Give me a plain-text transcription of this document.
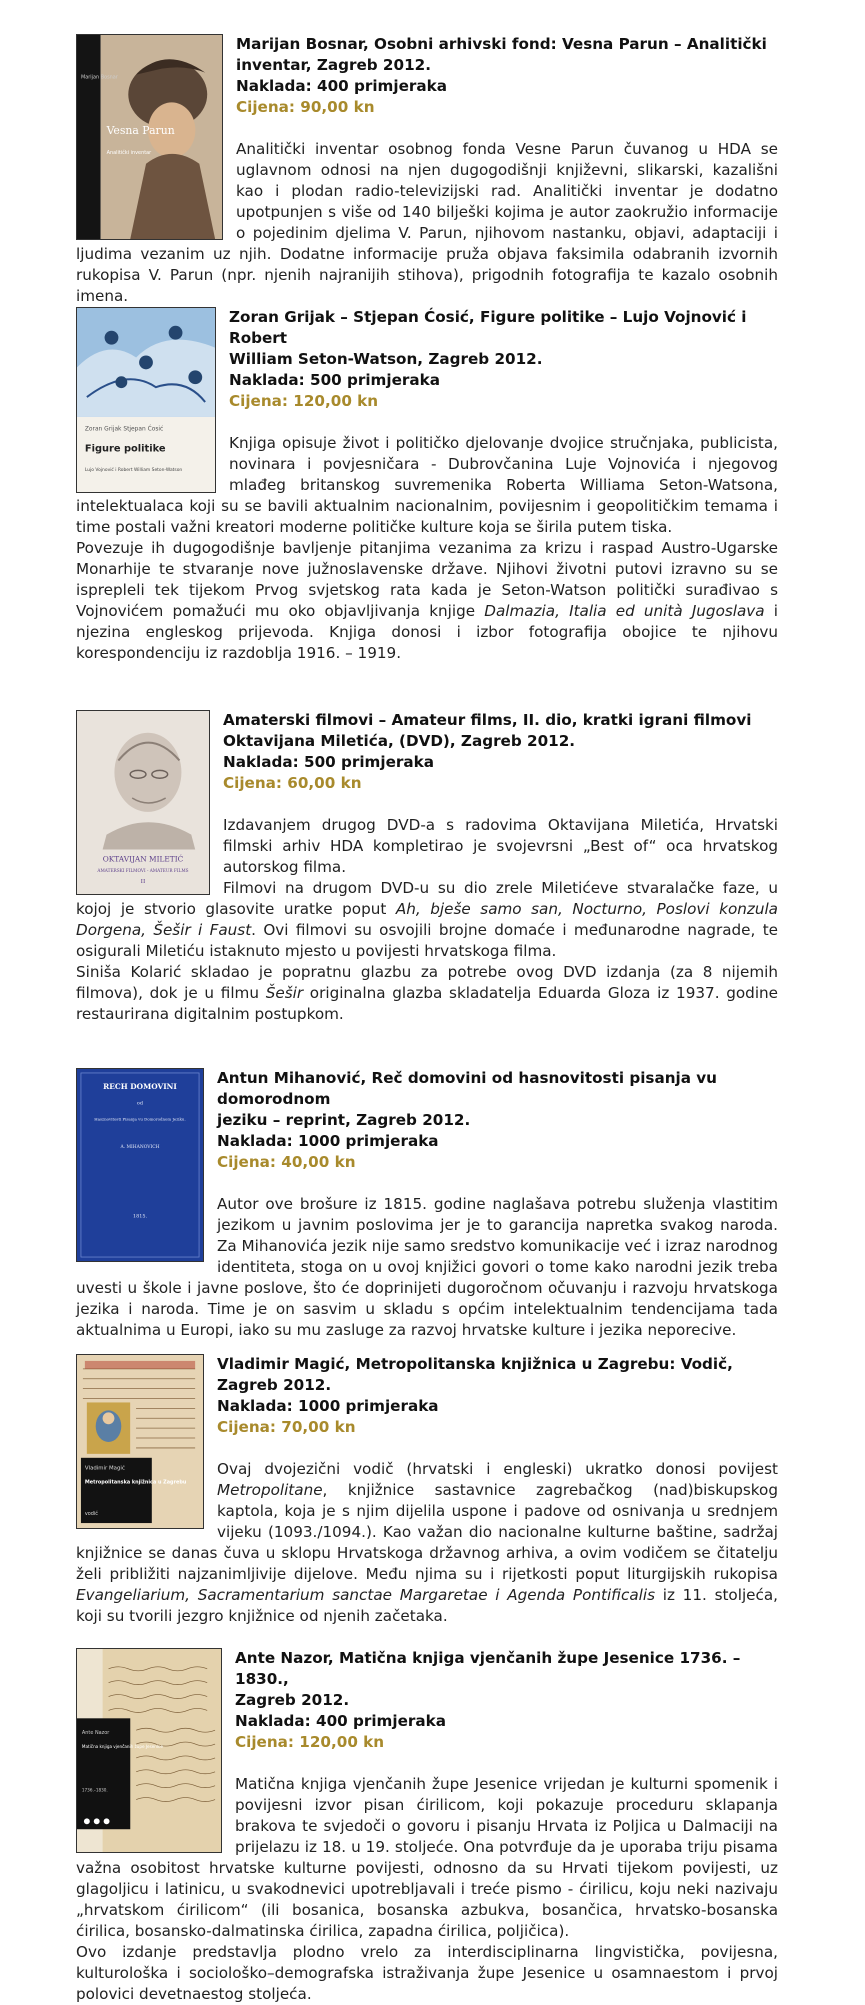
Marijan Bosnar
Vesna Parun
Analitički inventar
Marijan Bosnar, Osobni arhivski fond: Vesna Parun – Analitički
inventar, Zagreb 2012.
Naklada: 400 primjeraka
Cijena: 90,00 kn

Analitički inventar osobnog fonda Vesne Parun čuvanog u HDA se uglavnom odnosi na njen dugogodišnji književni, slikarski, kazališni kao i plodan radio-televizijski rad. Analitički inventar je dodatno upotpunjen s više od 140 bilješki kojima je autor zaokružio informacije o pojedinim djelima V. Parun, njihovom nastanku, objavi, adaptaciji i ljudima vezanim uz njih. Dodatne informacije pruža objava faksimila odabranih izvornih rukopisa V. Parun (npr. njenih najranijih stihova), prigodnih fotografija te kazalo osobnih imena.

Zoran Grijak Stjepan Ćosić
Figure politike
Lujo Vojnović i Robert William Seton-Watson
Zoran Grijak – Stjepan Ćosić, Figure politike – Lujo Vojnović i Robert
William Seton-Watson, Zagreb 2012.
Naklada: 500 primjeraka
Cijena: 120,00 kn

Knjiga opisuje život i političko djelovanje dvojice stručnjaka, publicista, novinara i povjesničara - Dubrovčanina Luje Vojnovića i njegovog mlađeg britanskog suvremenika Roberta Williama Seton-Watsona, intelektualaca koji su se bavili aktualnim nacionalnim, povijesnim i geopolitičkim temama i time postali važni kreatori moderne političke kulture koja se širila putem tiska.

Povezuje ih dugogodišnje bavljenje pitanjima vezanima za krizu i raspad Austro-Ugarske Monarhije te stvaranje nove južnoslavenske države. Njihovi životni putovi izravno su se isprepleli tek tijekom Prvog svjetskog rata kada je Seton-Watson politički surađivao s Vojnovićem pomažući mu oko objavljivanja knjige Dalmazia, Italia ed unità Jugoslava i njezina engleskog prijevoda. Knjiga donosi i izbor fotografija obojice te njihovu korespondenciju iz razdoblja 1916. – 1919.

OKTAVIJAN MILETIĆ
AMATERSKI FILMOVI - AMATEUR FILMS
II
Amaterski filmovi – Amateur films, II. dio, kratki igrani filmovi
Oktavijana Miletića, (DVD), Zagreb 2012.
Naklada: 500 primjeraka
Cijena: 60,00 kn

Izdavanjem drugog DVD-a s radovima Oktavijana Miletića, Hrvatski filmski arhiv HDA kompletirao je svojevrsni „Best of“ oca hrvatskog autorskog filma.

Filmovi na drugom DVD-u su dio zrele Miletićeve stvaralačke faze, u kojoj je stvorio glasovite uratke poput Ah, bješe samo san, Nocturno, Poslovi konzula Dorgena, Šešir i Faust. Ovi filmovi su osvojili brojne domaće i međunarodne nagrade, te osigurali Miletiću istaknuto mjesto u povijesti hrvatskoga filma.

Siniša Kolarić skladao je popratnu glazbu za potrebe ovog DVD izdanja (za 8 nijemih filmova), dok je u filmu Šešir originalna glazba skladatelja Eduarda Gloza iz 1937. godine restaurirana digitalnim postupkom.

RECH DOMOVINI
od
Hasznovitosti Pisanja vu Domorodnom Jeziku.
A. MIHANOVICH
1815.
Antun Mihanović, Reč domovini od hasnovitosti pisanja vu domorodnom
jeziku – reprint, Zagreb 2012.
Naklada: 1000 primjeraka
Cijena: 40,00 kn

Autor ove brošure iz 1815. godine naglašava potrebu služenja vlastitim jezikom u javnim poslovima jer je to garancija napretka svakog naroda. Za Mihanovića jezik nije samo sredstvo komunikacije već i izraz narodnog identiteta, stoga on u ovoj knjižici govori o tome kako narodni jezik treba uvesti u škole i javne poslove, što će doprinijeti dugoročnom očuvanju i razvoju hrvatskoga jezika i naroda. Time je on sasvim u skladu s općim intelektualnim tendencijama tada aktualnima u Europi, iako su mu zasluge za razvoj hrvatske kulture i jezika neporecive.

Vladimir Magić
Metropolitanska knjižnica u Zagrebu
vodič
Vladimir Magić, Metropolitanska knjižnica u Zagrebu: Vodič, Zagreb 2012.
Naklada: 1000 primjeraka
Cijena: 70,00 kn

Ovaj dvojezični vodič (hrvatski i engleski) ukratko donosi povijest Metropolitane, knjižnice sastavnice zagrebačkog (nad)biskupskog kaptola, koja je s njim dijelila uspone i padove od osnivanja u srednjem vijeku (1093./1094.). Kao važan dio nacionalne kulturne baštine, sadržaj knjižnice se danas čuva u sklopu Hrvatskoga državnog arhiva, a ovim vodičem se čitatelju želi približiti najzanimljivije dijelove. Među njima su i rijetkosti poput liturgijskih rukopisa Evangeliarium, Sacramentarium sanctae Margaretae i Agenda Pontificalis iz 11. stoljeća, koji su tvorili jezgro knjižnice od njenih začetaka.

Ante Nazor
Matična knjiga vjenčanih župe Jesenice
1736.–1830.
Ante Nazor, Matična knjiga vjenčanih župe Jesenice 1736. – 1830.,
Zagreb 2012.
Naklada: 400 primjeraka
Cijena: 120,00 kn

Matična knjiga vjenčanih župe Jesenice vrijedan je kulturni spomenik i povijesni izvor pisan ćirilicom, koji pokazuje proceduru sklapanja brakova te svjedoči o govoru i pisanju Hrvata iz Poljica u Dalmaciji na prijelazu iz 18. u 19. stoljeće. Ona potvrđuje da je uporaba triju pisama važna osobitost hrvatske kulturne povijesti, odnosno da su Hrvati tijekom povijesti, uz glagoljicu i latinicu, u svakodnevici upotrebljavali i treće pismo - ćirilicu, koju neki nazivaju „hrvatskom ćirilicom“ (ili bosanica, bosanska azbukva, bosančica, hrvatsko-bosanska ćirilica, bosansko-dalmatinska ćirilica, zapadna ćirilica, poljičica).

Ovo izdanje predstavlja plodno vrelo za interdisciplinarna lingvistička, povijesna, kulturološka i sociološko–demografska istraživanja župe Jesenice u osamnaestom i prvoj polovici devetnaestog stoljeća.
